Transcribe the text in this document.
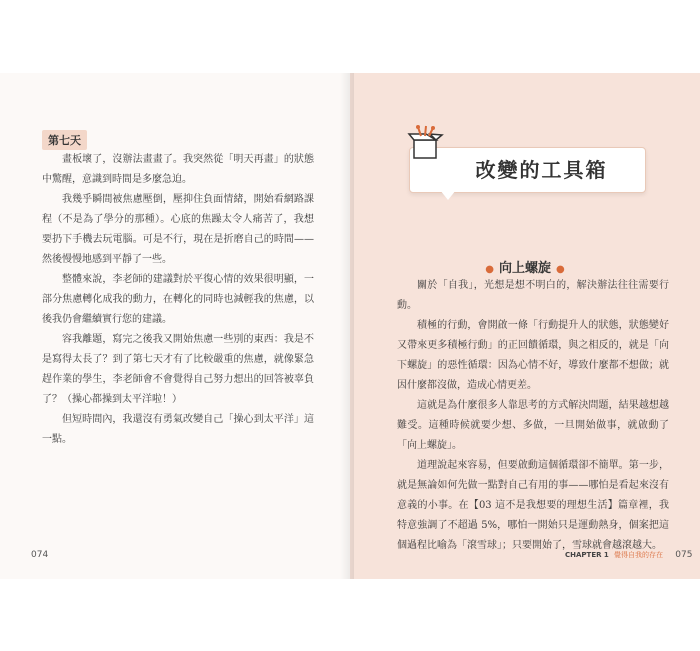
第七天

畫板壞了，沒辦法畫畫了。我突然從「明天再畫」的狀態中驚醒，意識到時間是多麼急迫。

我幾乎瞬間被焦慮壓倒，壓抑住負面情緒，開始看網路課程（不是為了學分的那種）。心底的焦躁太令人痛苦了，我想要扔下手機去玩電腦。可是不行，現在是折磨自己的時間——然後慢慢地感到平靜了一些。

整體來說，李老師的建議對於平復心情的效果很明顯，一部分焦慮轉化成我的動力，在轉化的同時也減輕我的焦慮，以後我仍會繼續實行您的建議。

容我離題，寫完之後我又開始焦慮一些別的東西：我是不是寫得太長了？到了第七天才有了比較嚴重的焦慮，就像緊急趕作業的學生，李老師會不會覺得自己努力想出的回答被辜負了？（操心都操到太平洋啦！）

但短時間內，我還沒有勇氣改變自己「操心到太平洋」這一點。

074
改變的工具箱
● 向上螺旋 ●

關於「自我」，光想是想不明白的，解決辦法往往需要行動。

積極的行動，會開啟一條「行動提升人的狀態，狀態變好又帶來更多積極行動」的正回饋循環，與之相反的，就是「向下螺旋」的惡性循環：因為心情不好，導致什麼都不想做；就因什麼都沒做，造成心情更差。

這就是為什麼很多人靠思考的方式解決問題，結果越想越難受。這種時候就要少想、多做，一旦開始做事，就啟動了「向上螺旋」。

道理說起來容易，但要啟動這個循環卻不簡單。第一步，就是無論如何先做一點對自己有用的事——哪怕是看起來沒有意義的小事。在【03 這不是我想要的理想生活】篇章裡，我特意強調了不超過 5%，哪怕一開始只是運動熱身，個案把這個過程比喻為「滾雪球」；只要開始了，雪球就會越滾越大。

CHAPTER 1 覺得自我的存在 075
